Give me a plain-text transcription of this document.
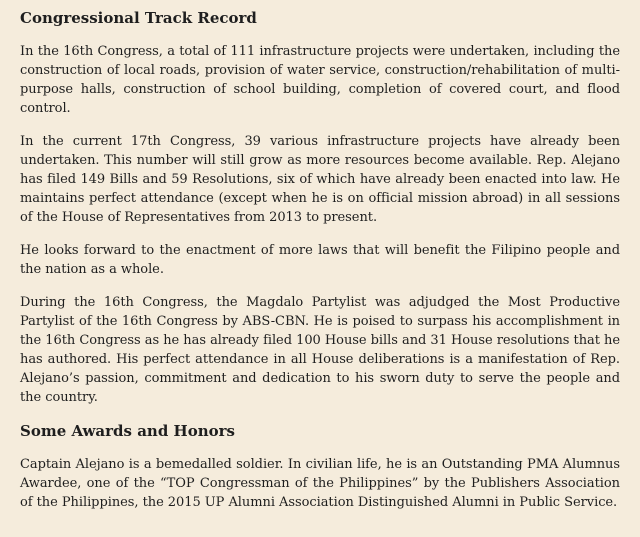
Congressional Track Record

In the 16th Congress, a total of 111 infrastructure projects were undertaken, including the construction of local roads, provision of water service, construction/rehabilitation of multi-purpose halls, construction of school building, completion of covered court, and flood control.

In the current 17th Congress, 39 various infrastructure projects have already been undertaken. This number will still grow as more resources become available. Rep. Alejano has filed 149 Bills and 59 Resolutions, six of which have already been enacted into law. He maintains perfect attendance (except when he is on official mission abroad) in all sessions of the House of Representatives from 2013 to present.

He looks forward to the enactment of more laws that will benefit the Filipino people and the nation as a whole.

During the 16th Congress, the Magdalo Partylist was adjudged the Most Productive Partylist of the 16th Congress by ABS-CBN. He is poised to surpass his accomplishment in the 16th Congress as he has already filed 100 House bills and 31 House resolutions that he has authored. His perfect attendance in all House deliberations is a manifestation of Rep. Alejano’s passion, commitment and dedication to his sworn duty to serve the people and the country.

Some Awards and Honors

Captain Alejano is a bemedalled soldier. In civilian life, he is an Outstanding PMA Alumnus Awardee, one of the “TOP Congressman of the Philippines” by the Publishers Association of the Philippines, the 2015 UP Alumni Association Distinguished Alumni in Public Service.
